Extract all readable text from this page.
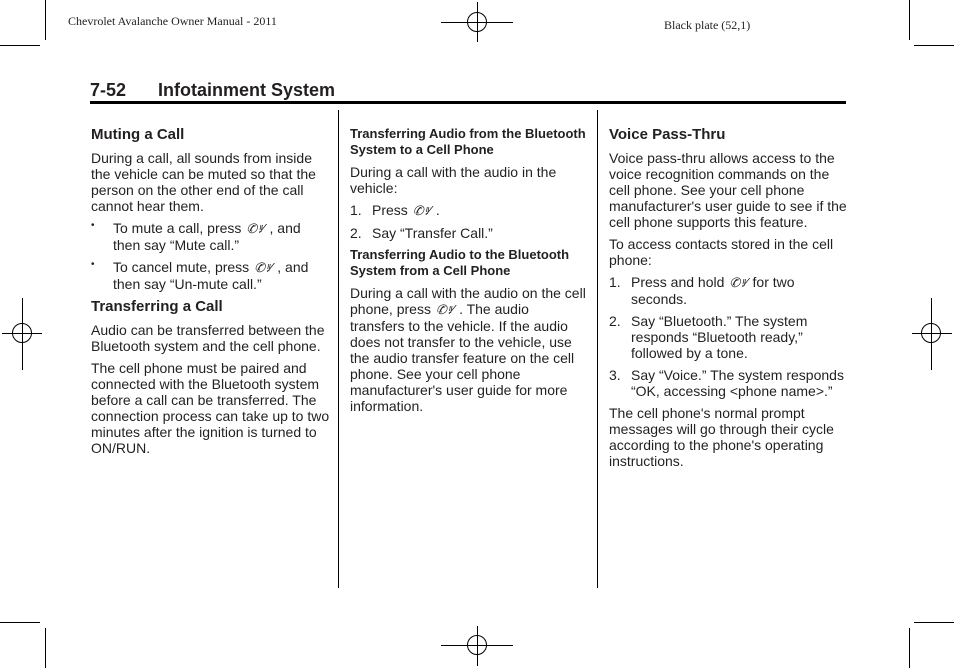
Chevrolet Avalanche Owner Manual - 2011	Black plate (52,1)
7-52 Infotainment System
Muting a Call
During a call, all sounds from inside the vehicle can be muted so that the person on the other end of the call cannot hear them.
• To mute a call, press ✆ ᵎᵎ⁄ , and then say “Mute call.”
• To cancel mute, press ✆ ᵎᵎ⁄ , and then say “Un-mute call.”
Transferring a Call
Audio can be transferred between the Bluetooth system and the cell phone.
The cell phone must be paired and connected with the Bluetooth system before a call can be transferred. The connection process can take up to two minutes after the ignition is turned to ON/RUN.
Transferring Audio from the Bluetooth System to a Cell Phone
During a call with the audio in the vehicle:
1. Press ✆ ᵎᵎ⁄ .
2. Say “Transfer Call.”
Transferring Audio to the Bluetooth System from a Cell Phone
During a call with the audio on the cell phone, press ✆ ᵎᵎ⁄ . The audio transfers to the vehicle. If the audio does not transfer to the vehicle, use the audio transfer feature on the cell phone. See your cell phone manufacturer's user guide for more information.
Voice Pass-Thru
Voice pass-thru allows access to the voice recognition commands on the cell phone. See your cell phone manufacturer's user guide to see if the cell phone supports this feature.
To access contacts stored in the cell phone:
1. Press and hold ✆ ᵎᵎ⁄ for two seconds.
2. Say “Bluetooth.” The system responds “Bluetooth ready,” followed by a tone.
3. Say “Voice.” The system responds “OK, accessing <phone name>.”
The cell phone's normal prompt messages will go through their cycle according to the phone's operating instructions.
